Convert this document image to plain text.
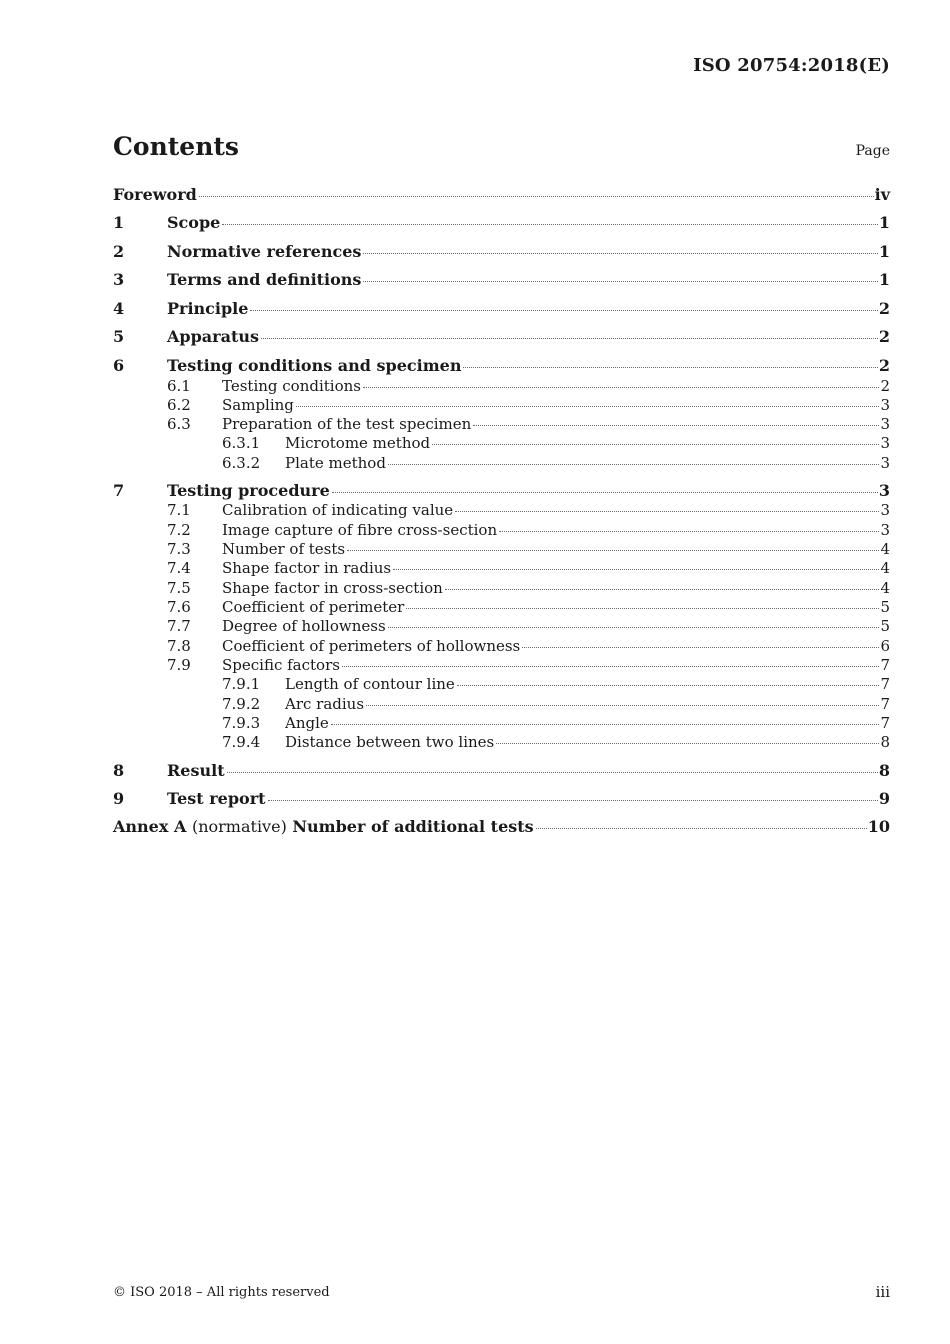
ISO 20754:2018(E)
Contents	Page
Foreword	iv
1	Scope	1
2	Normative references	1
3	Terms and definitions	1
4	Principle	2
5	Apparatus	2
6	Testing conditions and specimen	2
6.1	Testing conditions	2
6.2	Sampling	3
6.3	Preparation of the test specimen	3
6.3.1	Microtome method	3
6.3.2	Plate method	3
7	Testing procedure	3
7.1	Calibration of indicating value	3
7.2	Image capture of fibre cross-section	3
7.3	Number of tests	4
7.4	Shape factor in radius	4
7.5	Shape factor in cross-section	4
7.6	Coefficient of perimeter	5
7.7	Degree of hollowness	5
7.8	Coefficient of perimeters of hollowness	6
7.9	Specific factors	7
7.9.1	Length of contour line	7
7.9.2	Arc radius	7
7.9.3	Angle	7
7.9.4	Distance between two lines	8
8	Result	8
9	Test report	9
Annex A (normative) Number of additional tests	10
© ISO 2018 – All rights reserved	iii
